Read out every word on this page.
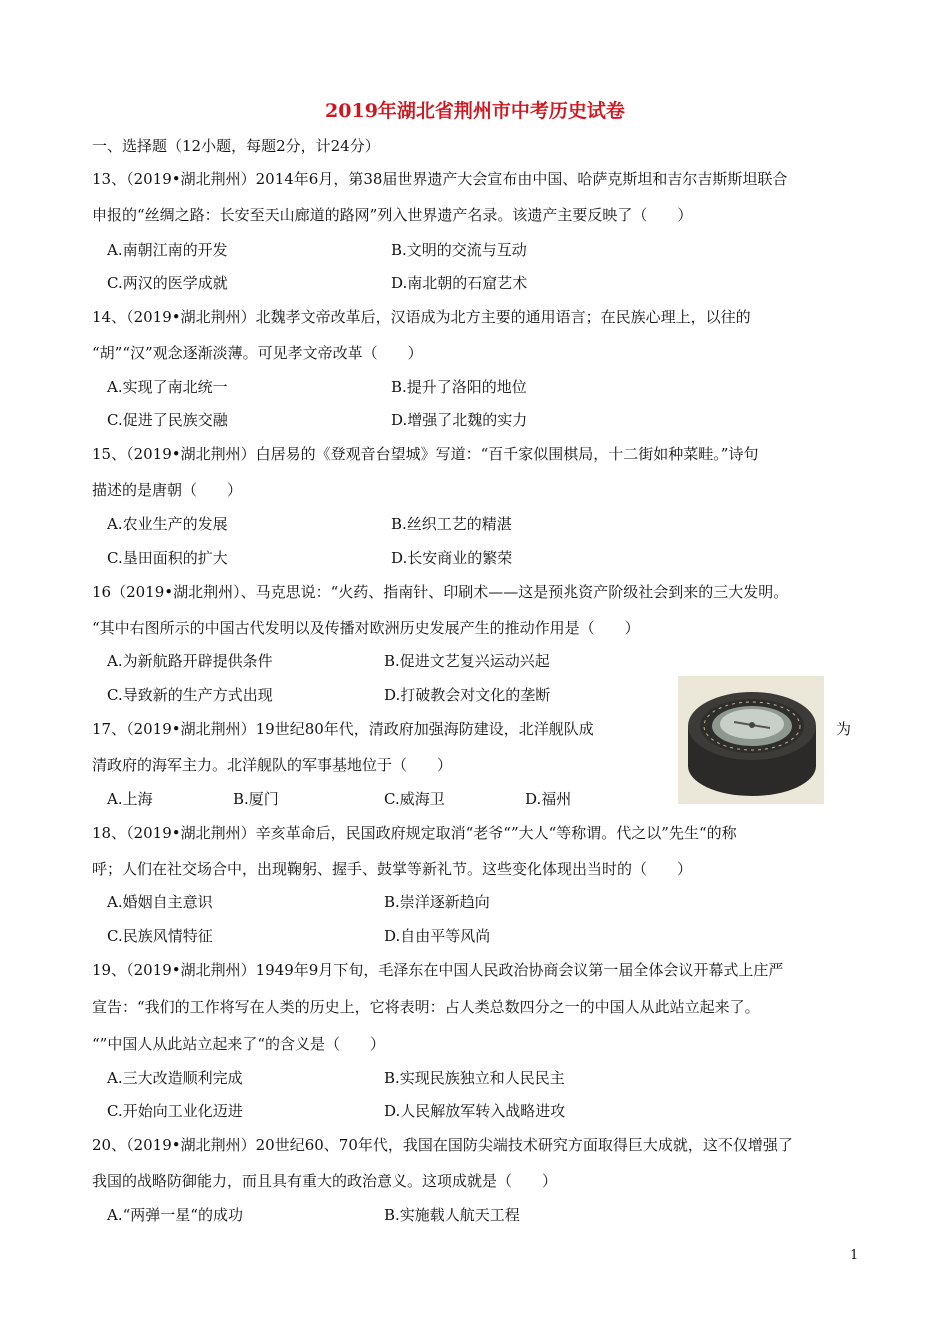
2019年湖北省荆州市中考历史试卷
一、选择题（12小题，每题2分，计24分）
13、（2019•湖北荆州）2014年6月，第38届世界遗产大会宣布由中国、哈萨克斯坦和吉尔吉斯斯坦联合
申报的“丝绸之路：长安至天山廊道的路网”列入世界遗产名录。该遗产主要反映了（　　）
A.南朝江南的开发	B.文明的交流与互动
C.两汉的医学成就	D.南北朝的石窟艺术
14、（2019•湖北荆州）北魏孝文帝改革后，汉语成为北方主要的通用语言；在民族心理上，以往的
“胡”“汉”观念逐渐淡薄。可见孝文帝改革（　　）
A.实现了南北统一	B.提升了洛阳的地位
C.促进了民族交融	D.增强了北魏的实力
15、（2019•湖北荆州）白居易的《登观音台望城》写道：“百千家似围棋局，十二街如种菜畦。”诗句
描述的是唐朝（　　）
A.农业生产的发展	B.丝织工艺的精湛
C.垦田面积的扩大	D.长安商业的繁荣
16（2019•湖北荆州）、马克思说：“火药、指南针、印刷术——这是预兆资产阶级社会到来的三大发明。
“其中右图所示的中国古代发明以及传播对欧洲历史发展产生的推动作用是（　　）
A.为新航路开辟提供条件	B.促进文艺复兴运动兴起
C.导致新的生产方式出现	D.打破教会对文化的垄断
17、（2019•湖北荆州）19世纪80年代，清政府加强海防建设，北洋舰队成	为
清政府的海军主力。北洋舰队的军事基地位于（　　）
A.上海	B.厦门	C.威海卫	D.福州
18、（2019•湖北荆州）辛亥革命后，民国政府规定取消“老爷“”大人“等称谓。代之以”先生“的称
呼；人们在社交场合中，出现鞠躬、握手、鼓掌等新礼节。这些变化体现出当时的（　　）
A.婚姻自主意识	B.崇洋逐新趋向
C.民族风情特征	D.自由平等风尚
19、（2019•湖北荆州）1949年9月下旬，毛泽东在中国人民政治协商会议第一届全体会议开幕式上庄严
宣告：“我们的工作将写在人类的历史上，它将表明：占人类总数四分之一的中国人从此站立起来了。
“”中国人从此站立起来了“的含义是（　　）
A.三大改造顺利完成	B.实现民族独立和人民民主
C.开始向工业化迈进	D.人民解放军转入战略进攻
20、（2019•湖北荆州）20世纪60、70年代，我国在国防尖端技术研究方面取得巨大成就，这不仅增强了
我国的战略防御能力，而且具有重大的政治意义。这项成就是（　　）
A.“两弹一星“的成功	B.实施载人航天工程
1
